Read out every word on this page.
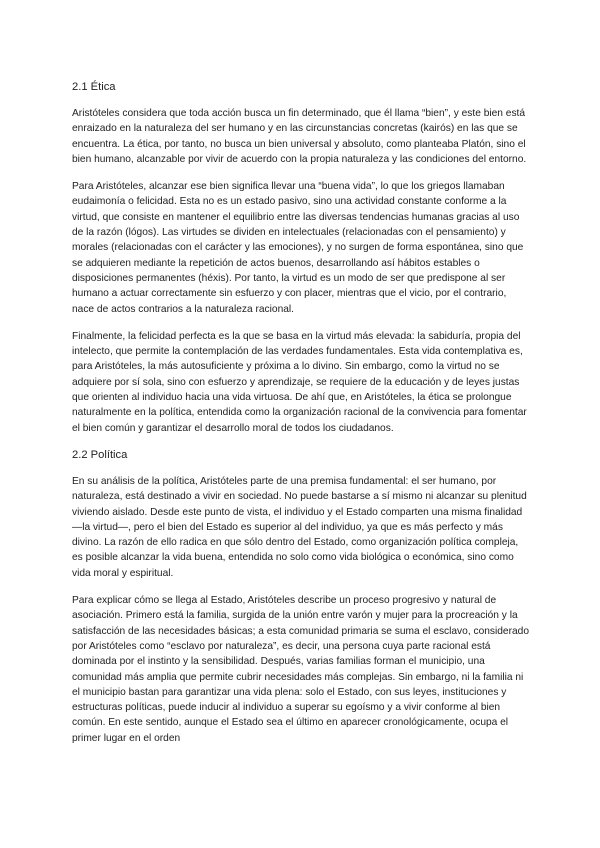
2.1 Ética

Aristóteles considera que toda acción busca un fin determinado, que él llama “bien”, y este bien está enraizado en la naturaleza del ser humano y en las circunstancias concretas (kairós) en las que se encuentra. La ética, por tanto, no busca un bien universal y absoluto, como planteaba Platón, sino el bien humano, alcanzable por vivir de acuerdo con la propia naturaleza y las condiciones del entorno.

Para Aristóteles, alcanzar ese bien significa llevar una “buena vida”, lo que los griegos llamaban eudaimonía o felicidad. Esta no es un estado pasivo, sino una actividad constante conforme a la virtud, que consiste en mantener el equilibrio entre las diversas tendencias humanas gracias al uso de la razón (lógos). Las virtudes se dividen en intelectuales (relacionadas con el pensamiento) y morales (relacionadas con el carácter y las emociones), y no surgen de forma espontánea, sino que se adquieren mediante la repetición de actos buenos, desarrollando así hábitos estables o disposiciones permanentes (héxis). Por tanto, la virtud es un modo de ser que predispone al ser humano a actuar correctamente sin esfuerzo y con placer, mientras que el vicio, por el contrario, nace de actos contrarios a la naturaleza racional.

Finalmente, la felicidad perfecta es la que se basa en la virtud más elevada: la sabiduría, propia del intelecto, que permite la contemplación de las verdades fundamentales. Esta vida contemplativa es, para Aristóteles, la más autosuficiente y próxima a lo divino. Sin embargo, como la virtud no se adquiere por sí sola, sino con esfuerzo y aprendizaje, se requiere de la educación y de leyes justas que orienten al individuo hacia una vida virtuosa. De ahí que, en Aristóteles, la ética se prolongue naturalmente en la política, entendida como la organización racional de la convivencia para fomentar el bien común y garantizar el desarrollo moral de todos los ciudadanos.

2.2 Política

En su análisis de la política, Aristóteles parte de una premisa fundamental: el ser humano, por naturaleza, está destinado a vivir en sociedad. No puede bastarse a sí mismo ni alcanzar su plenitud viviendo aislado. Desde este punto de vista, el individuo y el Estado comparten una misma finalidad —la virtud—, pero el bien del Estado es superior al del individuo, ya que es más perfecto y más divino. La razón de ello radica en que sólo dentro del Estado, como organización política compleja, es posible alcanzar la vida buena, entendida no solo como vida biológica o económica, sino como vida moral y espiritual.

Para explicar cómo se llega al Estado, Aristóteles describe un proceso progresivo y natural de asociación. Primero está la familia, surgida de la unión entre varón y mujer para la procreación y la satisfacción de las necesidades básicas; a esta comunidad primaria se suma el esclavo, considerado por Aristóteles como “esclavo por naturaleza”, es decir, una persona cuya parte racional está dominada por el instinto y la sensibilidad. Después, varias familias forman el municipio, una comunidad más amplia que permite cubrir necesidades más complejas. Sin embargo, ni la familia ni el municipio bastan para garantizar una vida plena: solo el Estado, con sus leyes, instituciones y estructuras políticas, puede inducir al individuo a superar su egoísmo y a vivir conforme al bien común. En este sentido, aunque el Estado sea el último en aparecer cronológicamente, ocupa el primer lugar en el orden
